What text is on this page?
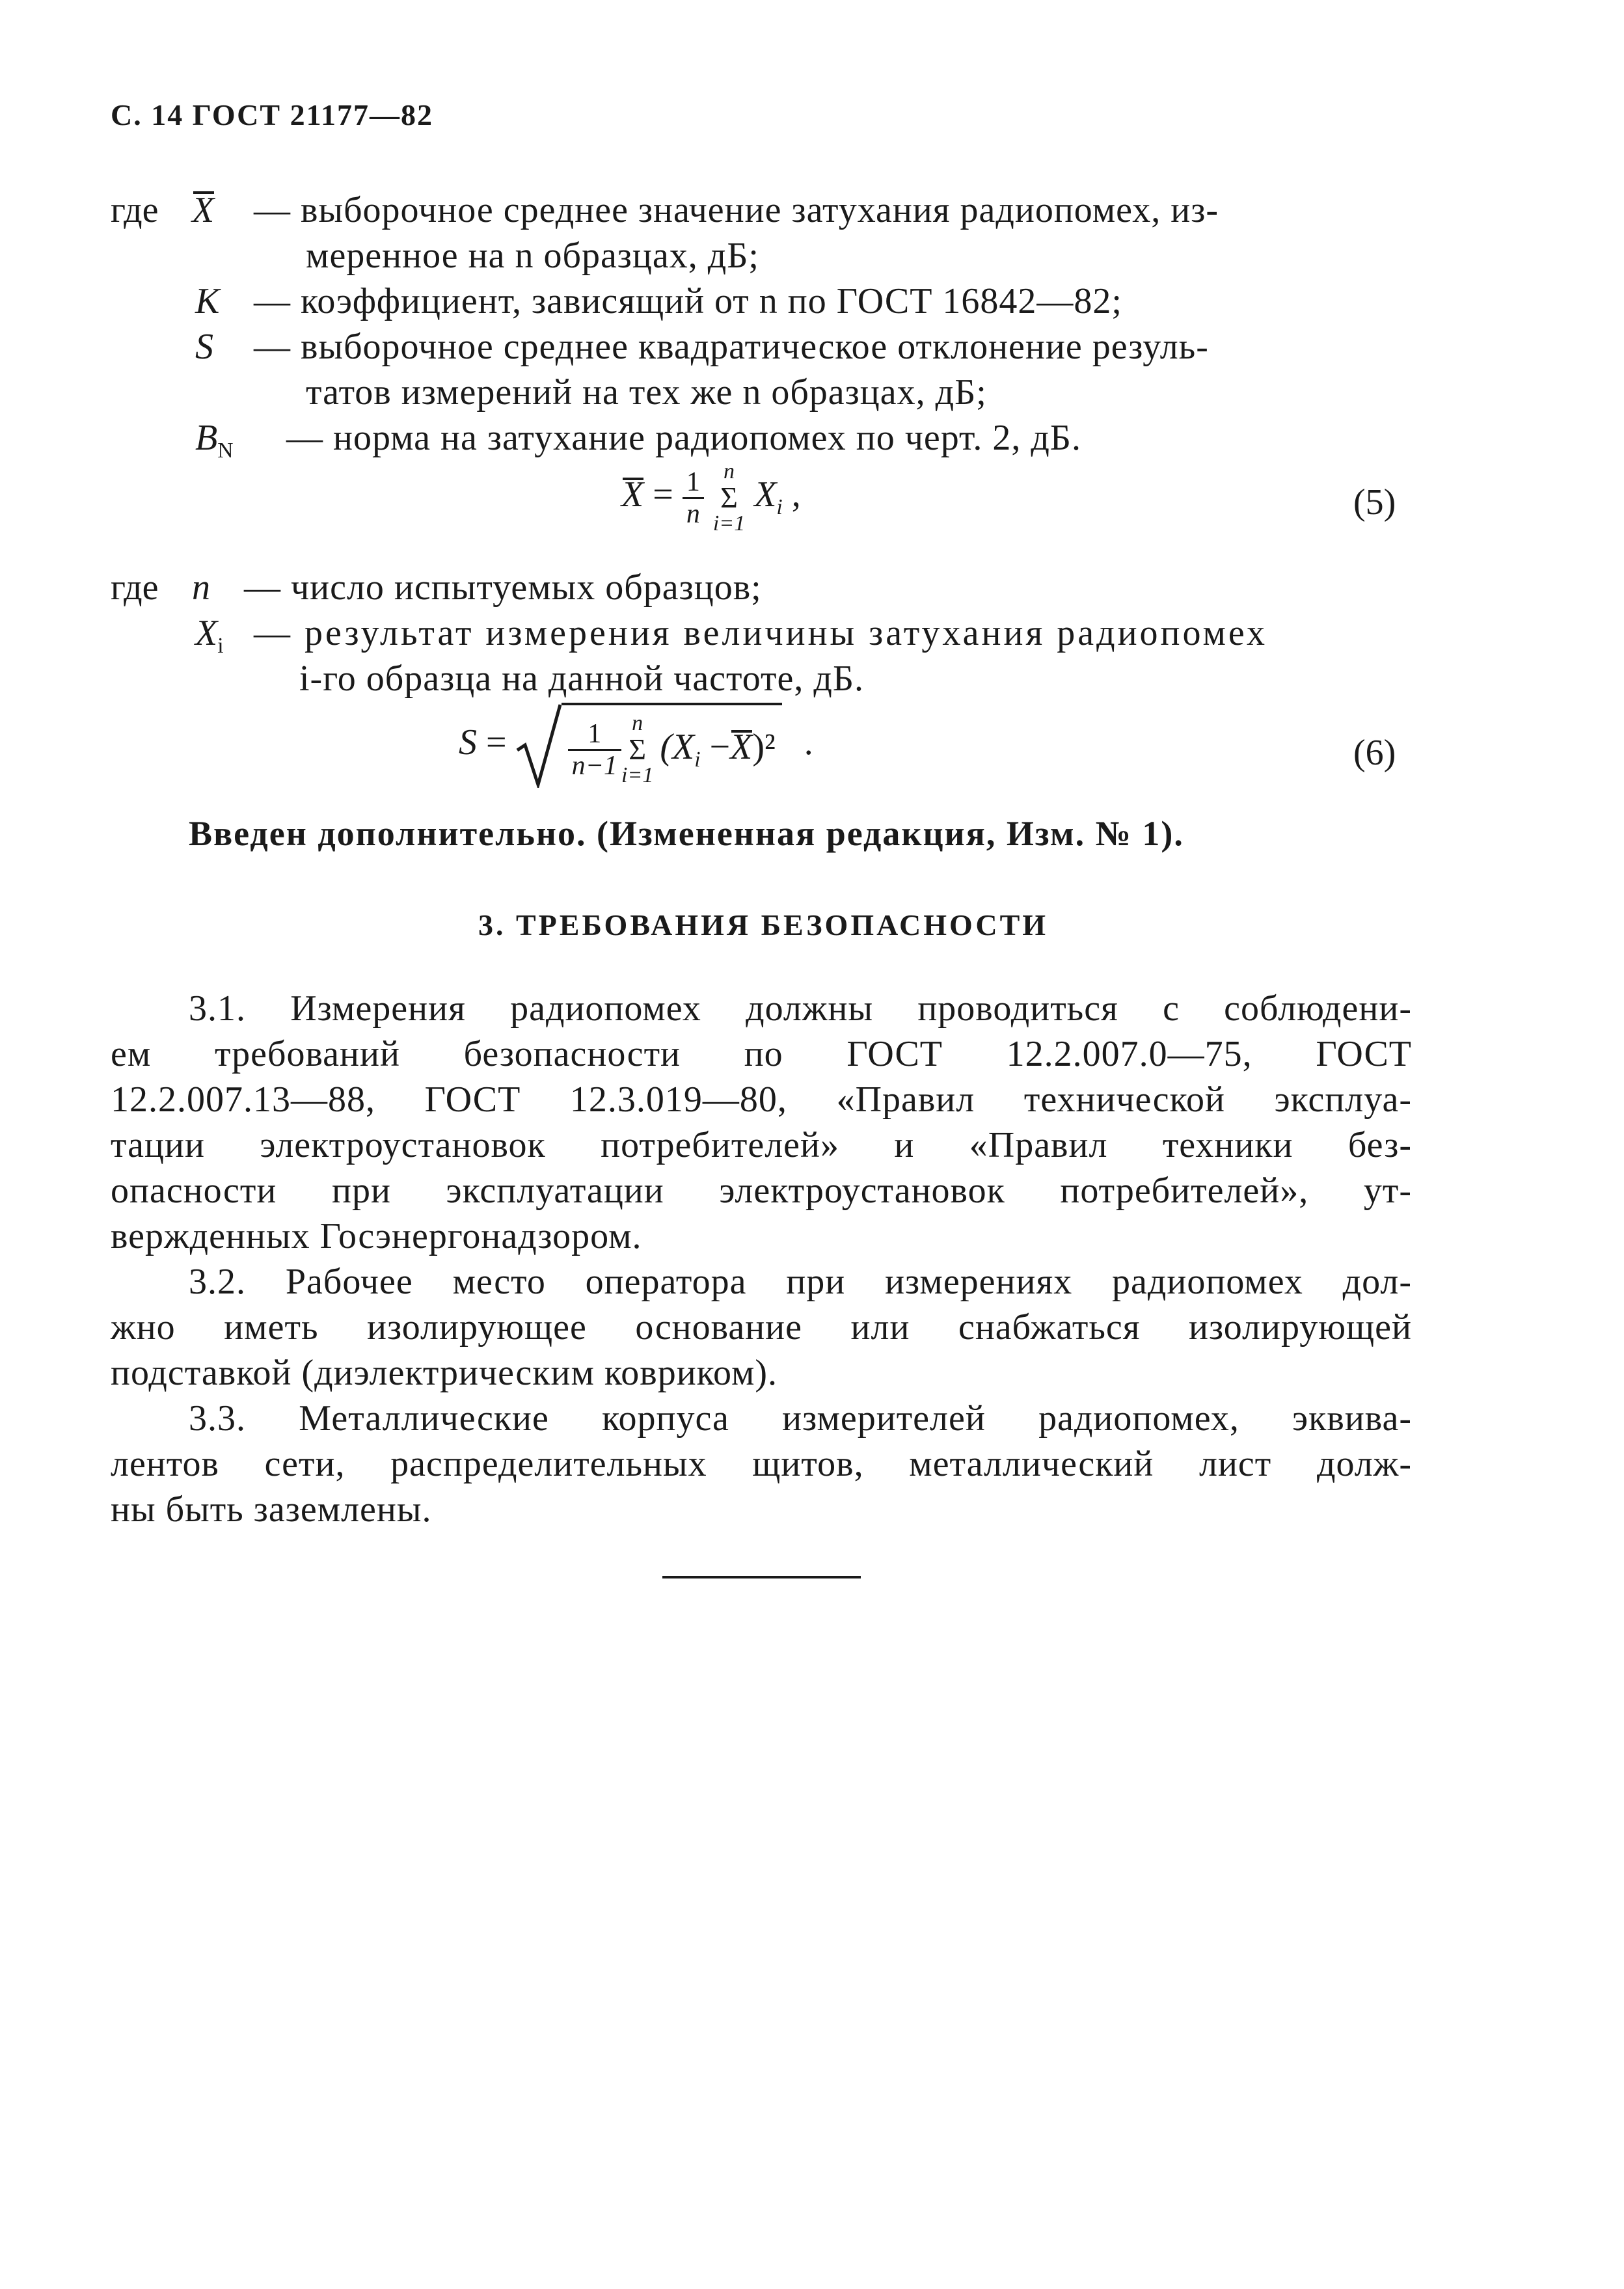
С. 14 ГОСТ 21177—82
где X — выборочное среднее значение затухания радиопомех, из-
меренное на n образцах, дБ;
K — коэффициент, зависящий от n по ГОСТ 16842—82;
S — выборочное среднее квадратическое отклонение резуль-
татов измерений на тех же n образцах, дБ;
$B_N$ — норма на затухание радиопомех по черт. 2, дБ.
$X = \frac{1}{n}$
n
Σ
i=1
$X_i$ ,	(5)
где n — число испытуемых образцов;
$X_i$ — результат измерения величины затухания радиопомех
i-го образца на данной частоте, дБ.
$S = \frac{1}{n-1}$ n
Σ
i=1
$(X_i -X)^2$ .	(6)
Введен дополнительно. (Измененная редакция, Изм. № 1).
3. ТРЕБОВАНИЯ БЕЗОПАСНОСТИ
3.1. Измерения радиопомех должны проводиться с соблюдени-
ем требований безопасности по ГОСТ 12.2.007.0—75, ГОСТ
12.2.007.13—88, ГОСТ 12.3.019—80, «Правил технической эксплуа-
тации электроустановок потребителей» и «Правил техники без-
опасности при эксплуатации электроустановок потребителей», ут-
вержденных Госэнергонадзором.
3.2. Рабочее место оператора при измерениях радиопомех дол-
жно иметь изолирующее основание или снабжаться изолирующей
подставкой (диэлектрическим ковриком).
3.3. Металлические корпуса измерителей радиопомех, эквива-
лентов сети, распределительных щитов, металлический лист долж-
ны быть заземлены.
